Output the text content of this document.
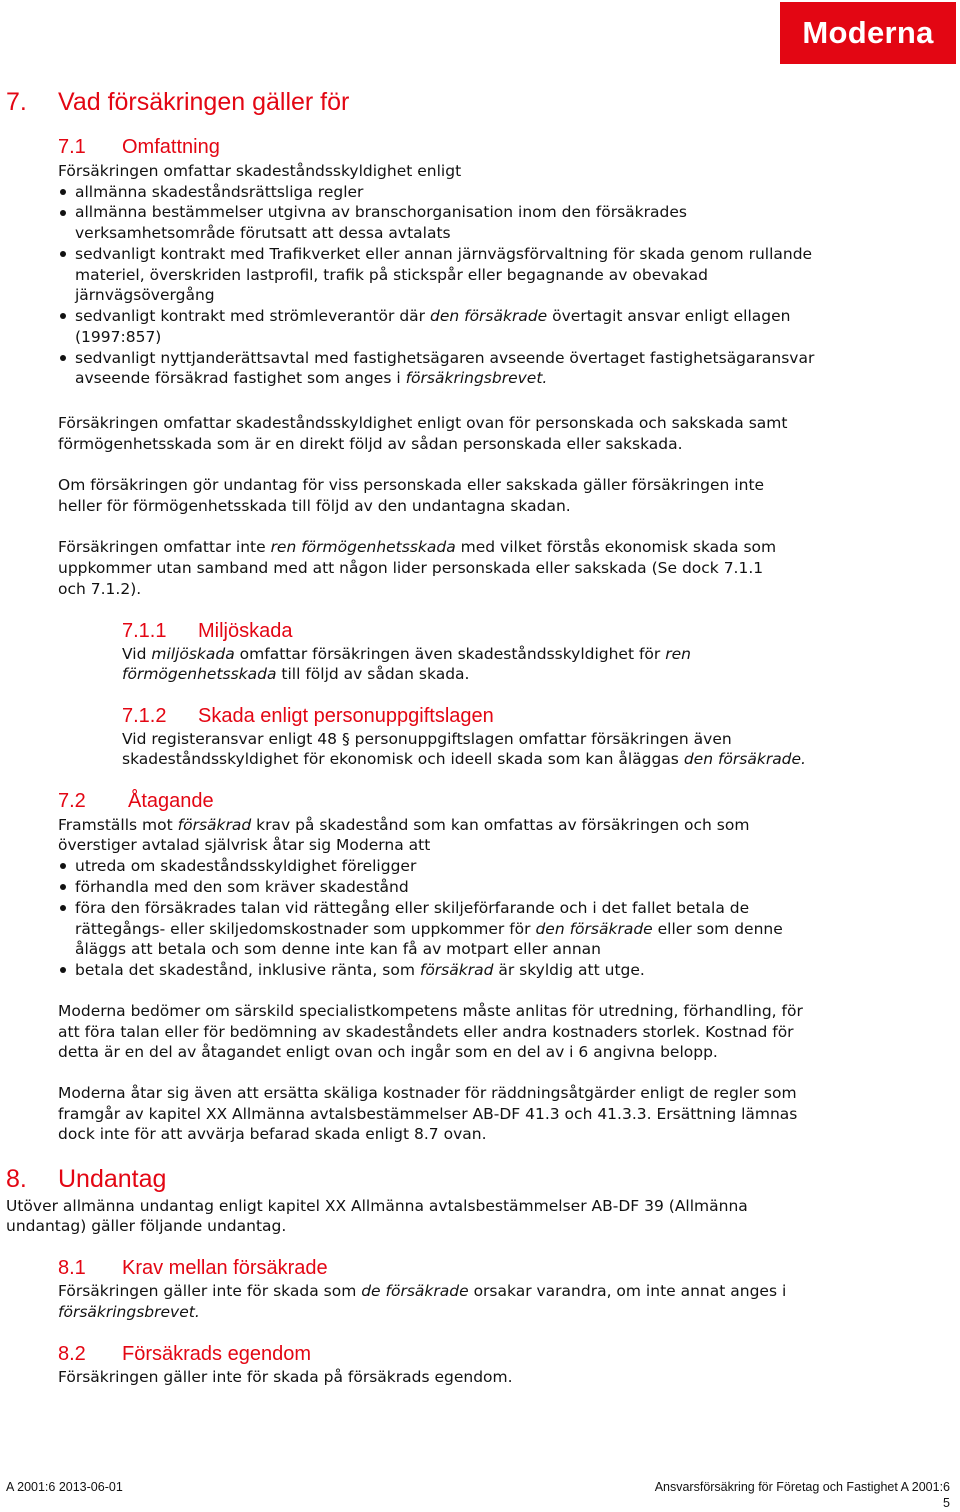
Moderna
7. Vad försäkringen gäller för
7.1 Omfattning
Försäkringen omfattar skadeståndsskyldighet enligt
allmänna skadeståndsrättsliga regler
allmänna bestämmelser utgivna av branschorganisation inom den försäkrades
verksamhetsområde förutsatt att dessa avtalats
sedvanligt kontrakt med Trafikverket eller annan järnvägsförvaltning för skada genom rullande
materiel, överskriden lastprofil, trafik på stickspår eller begagnande av obevakad
järnvägsövergång
sedvanligt kontrakt med strömleverantör där den försäkrade övertagit ansvar enligt ellagen
(1997:857)
sedvanligt nyttjanderättsavtal med fastighetsägaren avseende övertaget fastighetsägaransvar
avseende försäkrad fastighet som anges i försäkringsbrevet.
Försäkringen omfattar skadeståndsskyldighet enligt ovan för personskada och sakskada samt
förmögenhetsskada som är en direkt följd av sådan personskada eller sakskada.
Om försäkringen gör undantag för viss personskada eller sakskada gäller försäkringen inte
heller för förmögenhetsskada till följd av den undantagna skadan.
Försäkringen omfattar inte ren förmögenhetsskada med vilket förstås ekonomisk skada som
uppkommer utan samband med att någon lider personskada eller sakskada (Se dock 7.1.1
och 7.1.2).
7.1.1 Miljöskada
Vid miljöskada omfattar försäkringen även skadeståndsskyldighet för ren
förmögenhetsskada till följd av sådan skada.
7.1.2 Skada enligt personuppgiftslagen
Vid registeransvar enligt 48 § personuppgiftslagen omfattar försäkringen även
skadeståndsskyldighet för ekonomisk och ideell skada som kan åläggas den försäkrade.
7.2 Åtagande
Framställs mot försäkrad krav på skadestånd som kan omfattas av försäkringen och som
överstiger avtalad självrisk åtar sig Moderna att
utreda om skadeståndsskyldighet föreligger
förhandla med den som kräver skadestånd
föra den försäkrades talan vid rättegång eller skiljeförfarande och i det fallet betala de
rättegångs- eller skiljedomskostnader som uppkommer för den försäkrade eller som denne
åläggs att betala och som denne inte kan få av motpart eller annan
betala det skadestånd, inklusive ränta, som försäkrad är skyldig att utge.
Moderna bedömer om särskild specialistkompetens måste anlitas för utredning, förhandling, för
att föra talan eller för bedömning av skadeståndets eller andra kostnaders storlek. Kostnad för
detta är en del av åtagandet enligt ovan och ingår som en del av i 6 angivna belopp.
Moderna åtar sig även att ersätta skäliga kostnader för räddningsåtgärder enligt de regler som
framgår av kapitel XX Allmänna avtalsbestämmelser AB-DF 41.3 och 41.3.3. Ersättning lämnas
dock inte för att avvärja befarad skada enligt 8.7 ovan.
8. Undantag
Utöver allmänna undantag enligt kapitel XX Allmänna avtalsbestämmelser AB-DF 39 (Allmänna
undantag) gäller följande undantag.
8.1 Krav mellan försäkrade
Försäkringen gäller inte för skada som de försäkrade orsakar varandra, om inte annat anges i
försäkringsbrevet.
8.2 Försäkrads egendom
Försäkringen gäller inte för skada på försäkrads egendom.
A 2001:6 2013-06-01	Ansvarsförsäkring för Företag och Fastighet A 2001:6
5
